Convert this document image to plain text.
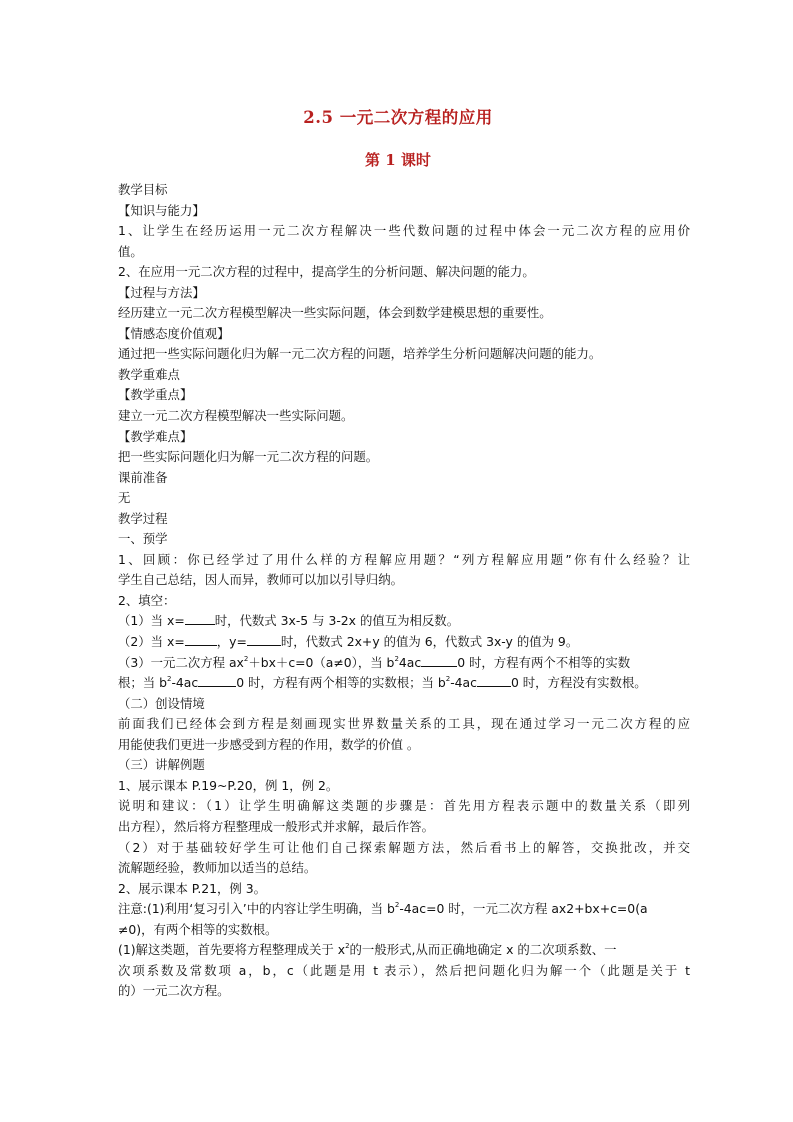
2.5 一元二次方程的应用
第 1 课时
教学目标
【知识与能力】
1、让学生在经历运用一元二次方程解决一些代数问题的过程中体会一元二次方程的应用价
值。
2、在应用一元二次方程的过程中，提高学生的分析问题、解决问题的能力。
【过程与方法】
经历建立一元二次方程模型解决一些实际问题，体会到数学建模思想的重要性。
【情感态度价值观】
通过把一些实际问题化归为解一元二次方程的问题，培养学生分析问题解决问题的能力。
教学重难点
【教学重点】
建立一元二次方程模型解决一些实际问题。
【教学难点】
把一些实际问题化归为解一元二次方程的问题。
课前准备
无
教学过程
一、预学
1、回顾：你已经学过了用什么样的方程解应用题？“列方程解应用题”你有什么经验？让
学生自己总结，因人而异，教师可以加以引导归纳。
2、填空：
（1）当 x= 时，代数式 3x-5 与 3-2x 的值互为相反数。
（2）当 x=	，y=	时，代数式 2x+y 的值为 6，代数式 3x-y 的值为 9。
（3）一元二次方程 $ax^2+bx+c=0(a\ne 0)$，当 $b^24ac$	0 时，方程有两个不相等的实数
根；当 $b^2-4ac$	0 时，方程有两个相等的实数根；当 $b^2-4ac$	0 时，方程没有实数根。
（二）创设情境
前面我们已经体会到方程是刻画现实世界数量关系的工具，现在通过学习一元二次方程的应
用能使我们更进一步感受到方程的作用，数学的价值 。
（三）讲解例题
1、展示课本 P.19~P.20，例 1，例 2。
说明和建议：（1）让学生明确解这类题的步骤是：首先用方程表示题中的数量关系（即列
出方程），然后将方程整理成一般形式并求解，最后作答。
（2）对于基础较好学生可让他们自己探索解题方法，然后看书上的解答，交换批改，并交
流解题经验，教师加以适当的总结。
2、展示课本 P.21，例 3。
注意:(1)利用‘复习引入’中的内容让学生明确，当 $b^2-4ac=0$ 时，一元二次方程 ax2+bx+c=0(a
≠0)，有两个相等的实数根。
(1)解这类题，首先要将方程整理成关于 $x^2$的一般形式,从而正确地确定 x 的二次项系数、一
次项系数及常数项 a，b，c（此题是用 t 表示），然后把问题化归为解一个（此题是关于 t
的）一元二次方程。
